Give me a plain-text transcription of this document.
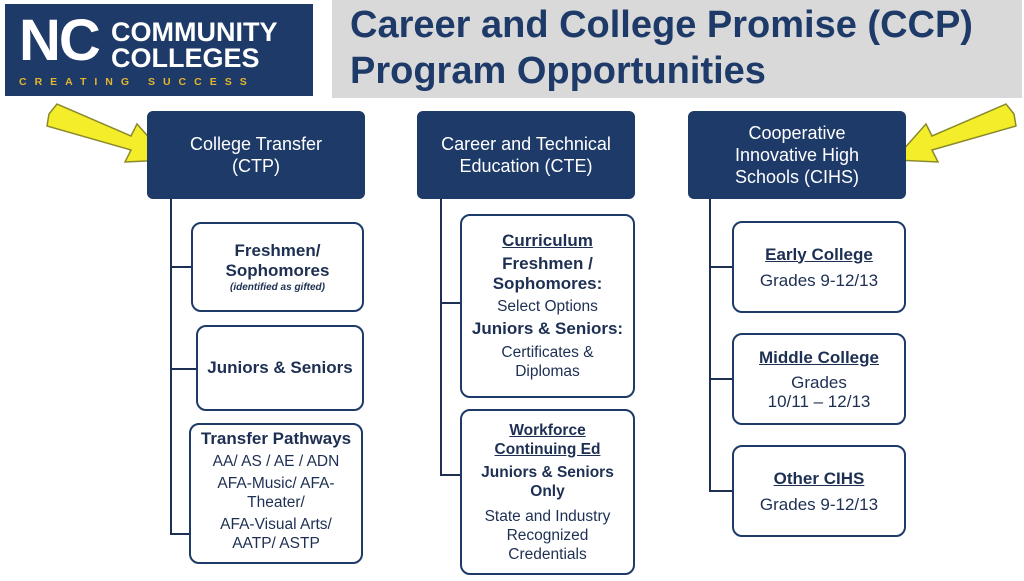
NC COMMUNITY
COLLEGES
CREATING SUCCESS
Career and College Promise (CCP)
Program Opportunities
College Transfer
(CTP)
Freshmen/
Sophomores
(identified as gifted)
Juniors & Seniors
Transfer Pathways
AA/ AS / AE / ADN
AFA-Music/ AFA-
Theater/
AFA-Visual Arts/
AATP/ ASTP
Career and Technical
Education (CTE)
Curriculum
Freshmen /
Sophomores:
Select Options
Juniors & Seniors:
Certificates &
Diplomas
Workforce
Continuing Ed
Juniors & Seniors
Only
State and Industry
Recognized
Credentials
Cooperative
Innovative High
Schools (CIHS)
Early College
Grades 9-12/13
Middle College
Grades
10/11 – 12/13
Other CIHS
Grades 9-12/13
